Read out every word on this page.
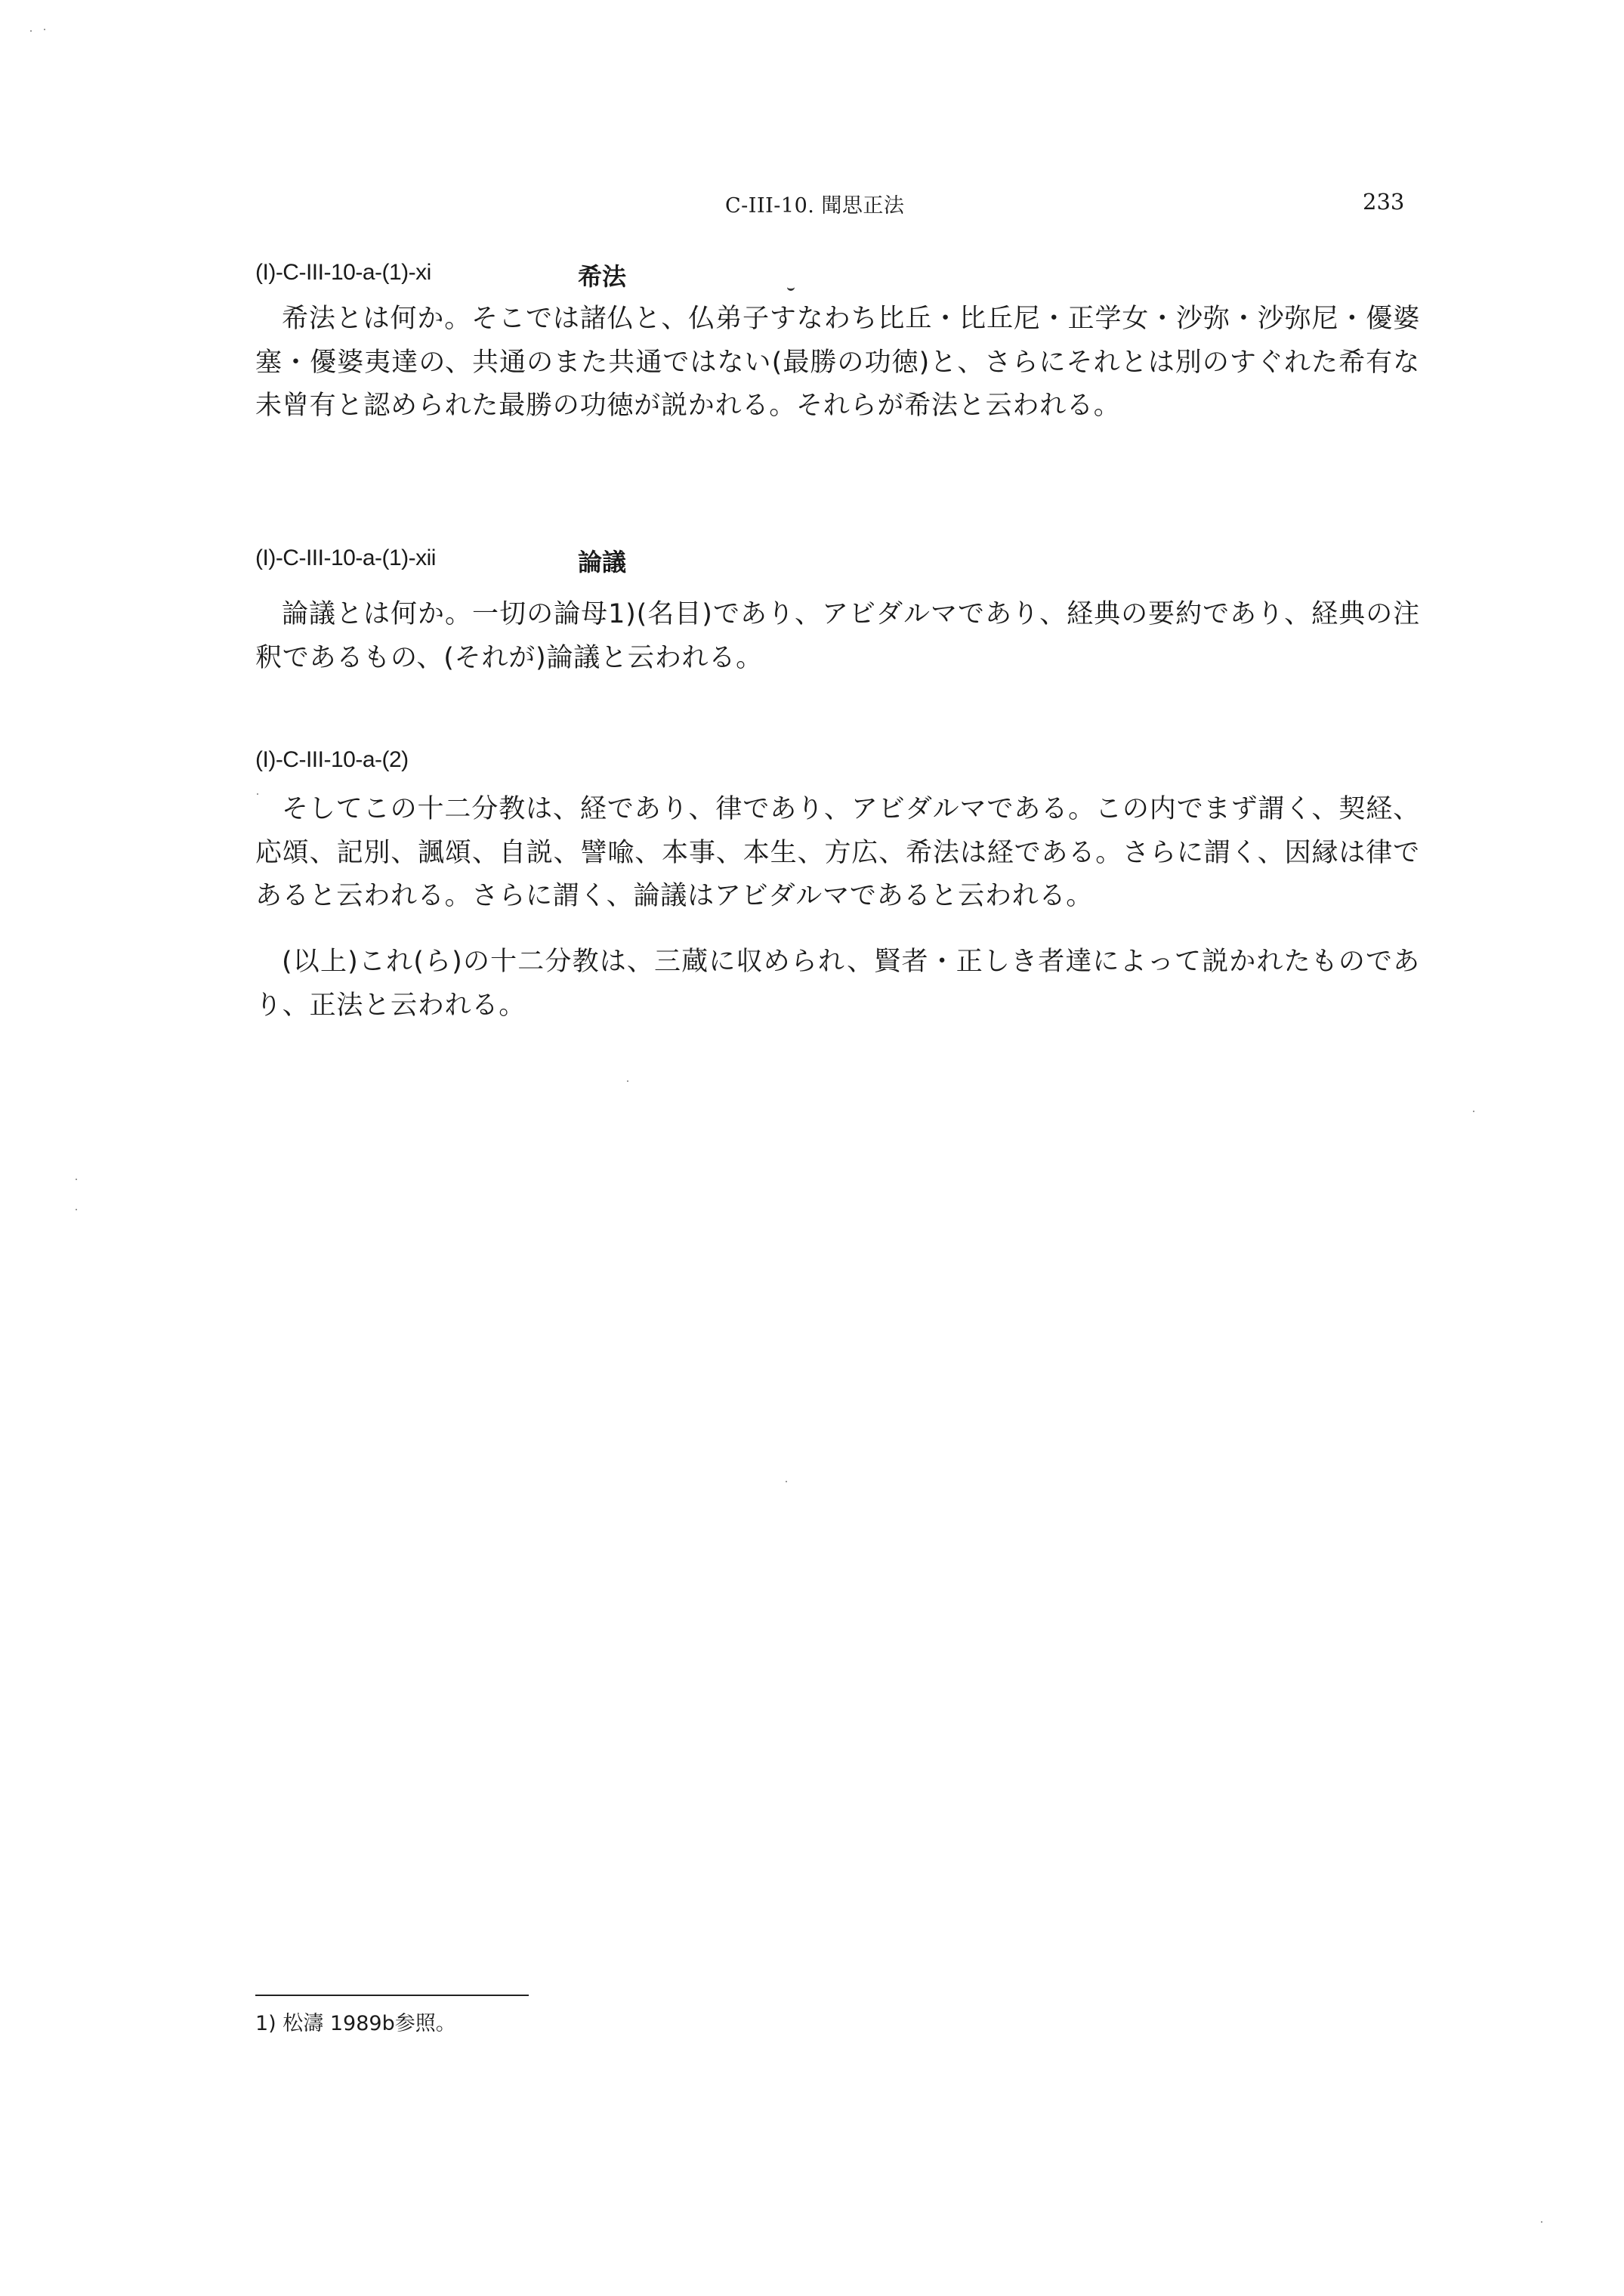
C-III-10. 聞思正法	233
(I)-C-III-10-a-(1)-xi	希法

希法とは何か。そこでは諸仏と、仏弟子すなわち比丘・比丘尼・正学女・沙弥・沙弥尼・優婆塞・優婆夷達の、共通のまた共通ではない(最勝の功徳)と、さらにそれとは別のすぐれた希有な未曾有と認められた最勝の功徳が説かれる。それらが希法と云われる。

(I)-C-III-10-a-(1)-xii	論議

論議とは何か。一切の論母1)(名目)であり、アビダルマであり、経典の要約であり、経典の注釈であるもの、(それが)論議と云われる。

(I)-C-III-10-a-(2)

そしてこの十二分教は、経であり、律であり、アビダルマである。この内でまず謂く、契経、応頌、記別、諷頌、自説、譬喩、本事、本生、方広、希法は経である。さらに謂く、因縁は律であると云われる。さらに謂く、論議はアビダルマであると云われる。

(以上)これ(ら)の十二分教は、三蔵に収められ、賢者・正しき者達によって説かれたものであり、正法と云われる。

1) 松濤 1989b参照。
